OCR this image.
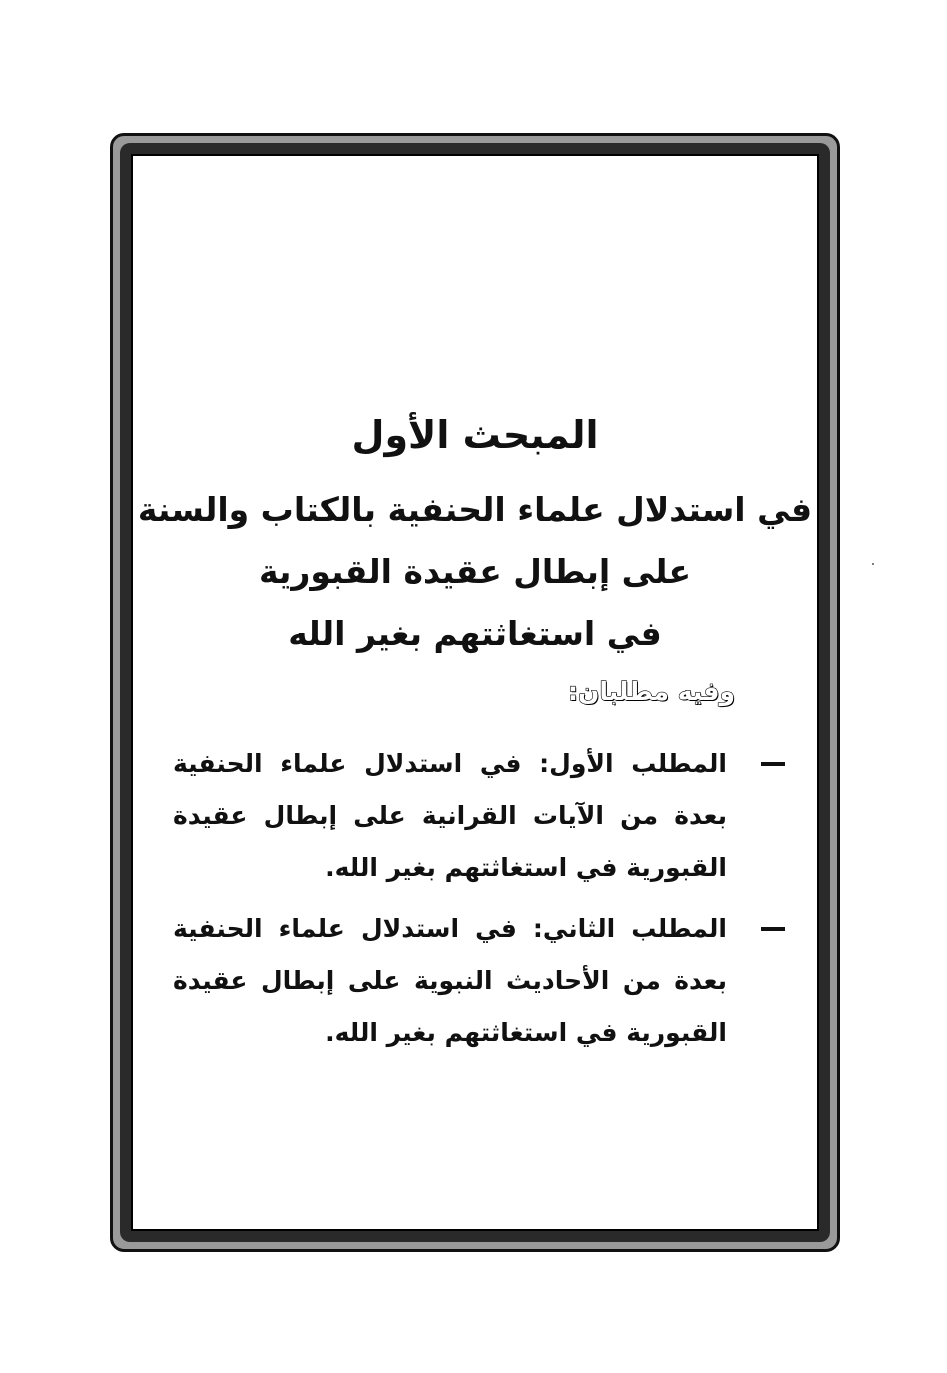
المبحث الأول

في استدلال علماء الحنفية بالكتاب والسنة

على إبطال عقيدة القبورية

في استغاثتهم بغير الله

وفيه مطلبان:
المطلب الأول: في استدلال علماء الحنفية بعدة من الآيات القرانية على إبطال عقيدة القبورية في استغاثتهم بغير الله.
المطلب الثاني: في استدلال علماء الحنفية بعدة من الأحاديث النبوية على إبطال عقيدة القبورية في استغاثتهم بغير الله.
